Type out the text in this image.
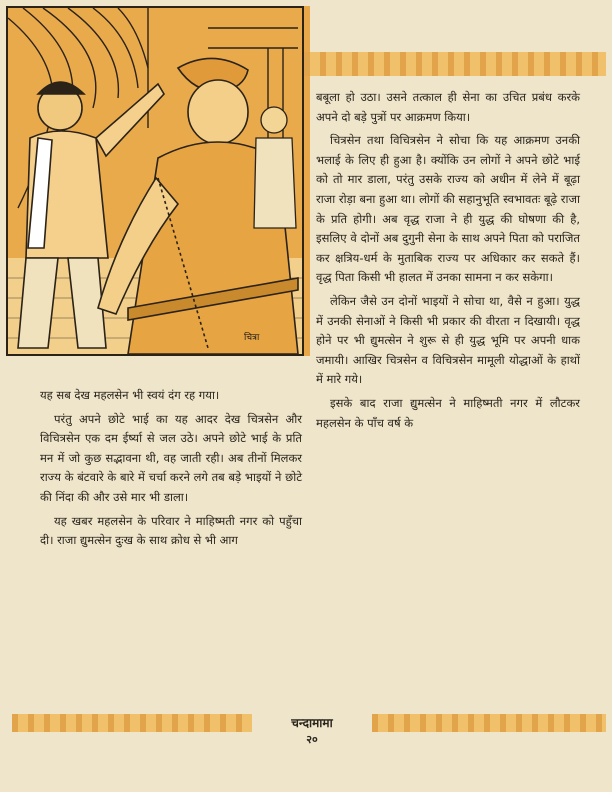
चित्रा

यह सब देख महलसेन भी स्वयं दंग रह गया।

परंतु अपने छोटे भाई का यह आदर देख चित्रसेन और विचित्रसेन एक दम ईर्ष्या से जल उठे। अपने छोटे भाई के प्रति मन में जो कुछ सद्भावना थी, वह जाती रही। अब तीनों मिलकर राज्य के बंटवारे के बारे में चर्चा करने लगे तब बड़े भाइयों ने छोटे की निंदा की और उसे मार भी डाला।

यह खबर महलसेन के परिवार ने माहिष्मती नगर को पहुँचा दी। राजा द्युमत्सेन दुःख के साथ क्रोध से भी आग

बबूला हो उठा। उसने तत्काल ही सेना का उचित प्रबंध करके अपने दो बड़े पुत्रों पर आक्रमण किया।

चित्रसेन तथा विचित्रसेन ने सोचा कि यह आक्रमण उनकी भलाई के लिए ही हुआ है। क्योंकि उन लोगों ने अपने छोटे भाई को तो मार डाला, परंतु उसके राज्य को अधीन में लेने में बूढ़ा राजा रोड़ा बना हुआ था। लोगों की सहानुभूति स्वभावतः बूढ़े राजा के प्रति होगी। अब वृद्ध राजा ने ही युद्ध की घोषणा की है, इसलिए वे दोनों अब दुगुनी सेना के साथ अपने पिता को पराजित कर क्षत्रिय-धर्म के मुताबिक राज्य पर अधिकार कर सकते हैं। वृद्ध पिता किसी भी हालत में उनका सामना न कर सकेगा।

लेकिन जैसे उन दोनों भाइयों ने सोचा था, वैसे न हुआ। युद्ध में उनकी सेनाओं ने किसी भी प्रकार की वीरता न दिखायी। वृद्ध होने पर भी द्युमत्सेन ने शुरू से ही युद्ध भूमि पर अपनी धाक जमायी। आखिर चित्रसेन व विचित्रसेन मामूली योद्धाओं के हाथों में मारे गये।

इसके बाद राजा द्युमत्सेन ने माहिष्मती नगर में लौटकर महलसेन के पाँच वर्ष के

चन्दामामा
२०
